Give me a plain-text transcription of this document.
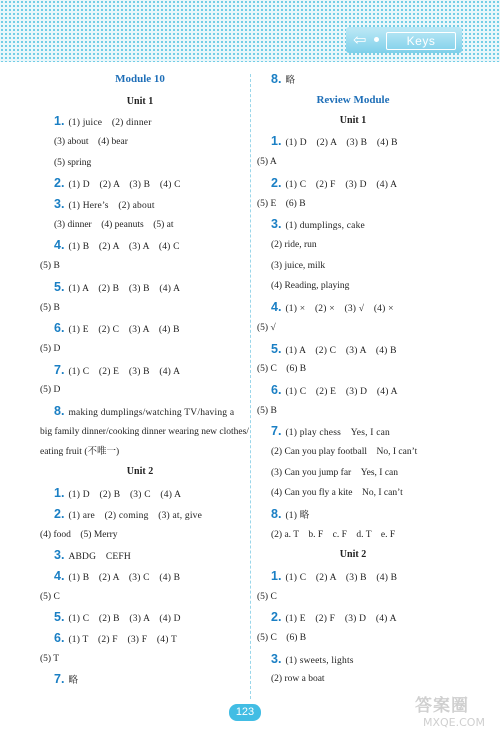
⇦	Keys
Module 10
Unit 1
1. (1) juice　(2) dinner
(3) about　(4) bear
(5) spring
2. (1) D　(2) A　(3) B　(4) C
3. (1) Here’s　(2) about
(3) dinner　(4) peanuts　(5) at
4. (1) B　(2) A　(3) A　(4) C
(5) B
5. (1) A　(2) B　(3) B　(4) A
(5) B
6. (1) E　(2) C　(3) A　(4) B
(5) D
7. (1) C　(2) E　(3) B　(4) A
(5) D
8. making dumplings/watching TV/having a
big family dinner/cooking dinner wearing new clothes/
eating fruit (不唯一)
Unit 2
1. (1) D　(2) B　(3) C　(4) A
2. (1) are　(2) coming　(3) at, give
(4) food　(5) Merry
3. ABDG　CEFH
4. (1) B　(2) A　(3) C　(4) B
(5) C
5. (1) C　(2) B　(3) A　(4) D
6. (1) T　(2) F　(3) F　(4) T
(5) T
7. 略
8. 略
Review Module
Unit 1
1. (1) D　(2) A　(3) B　(4) B
(5) A
2. (1) C　(2) F　(3) D　(4) A
(5) E　(6) B
3. (1) dumplings, cake
(2) ride, run
(3) juice, milk
(4) Reading, playing
4. (1) ×　(2) ×　(3) √　(4) ×
(5) √
5. (1) A　(2) C　(3) A　(4) B
(5) C　(6) B
6. (1) C　(2) E　(3) D　(4) A
(5) B
7. (1) play chess　Yes, I can
(2) Can you play football　No, I can’t
(3) Can you jump far　Yes, I can
(4) Can you fly a kite　No, I can’t
8. (1) 略
(2) a. T　b. F　c. F　d. T　e. F
Unit 2
1. (1) C　(2) A　(3) B　(4) B
(5) C
2. (1) E　(2) F　(3) D　(4) A
(5) C　(6) B
3. (1) sweets, lights
(2) row a boat
123	答案圈
MXQE.COM
